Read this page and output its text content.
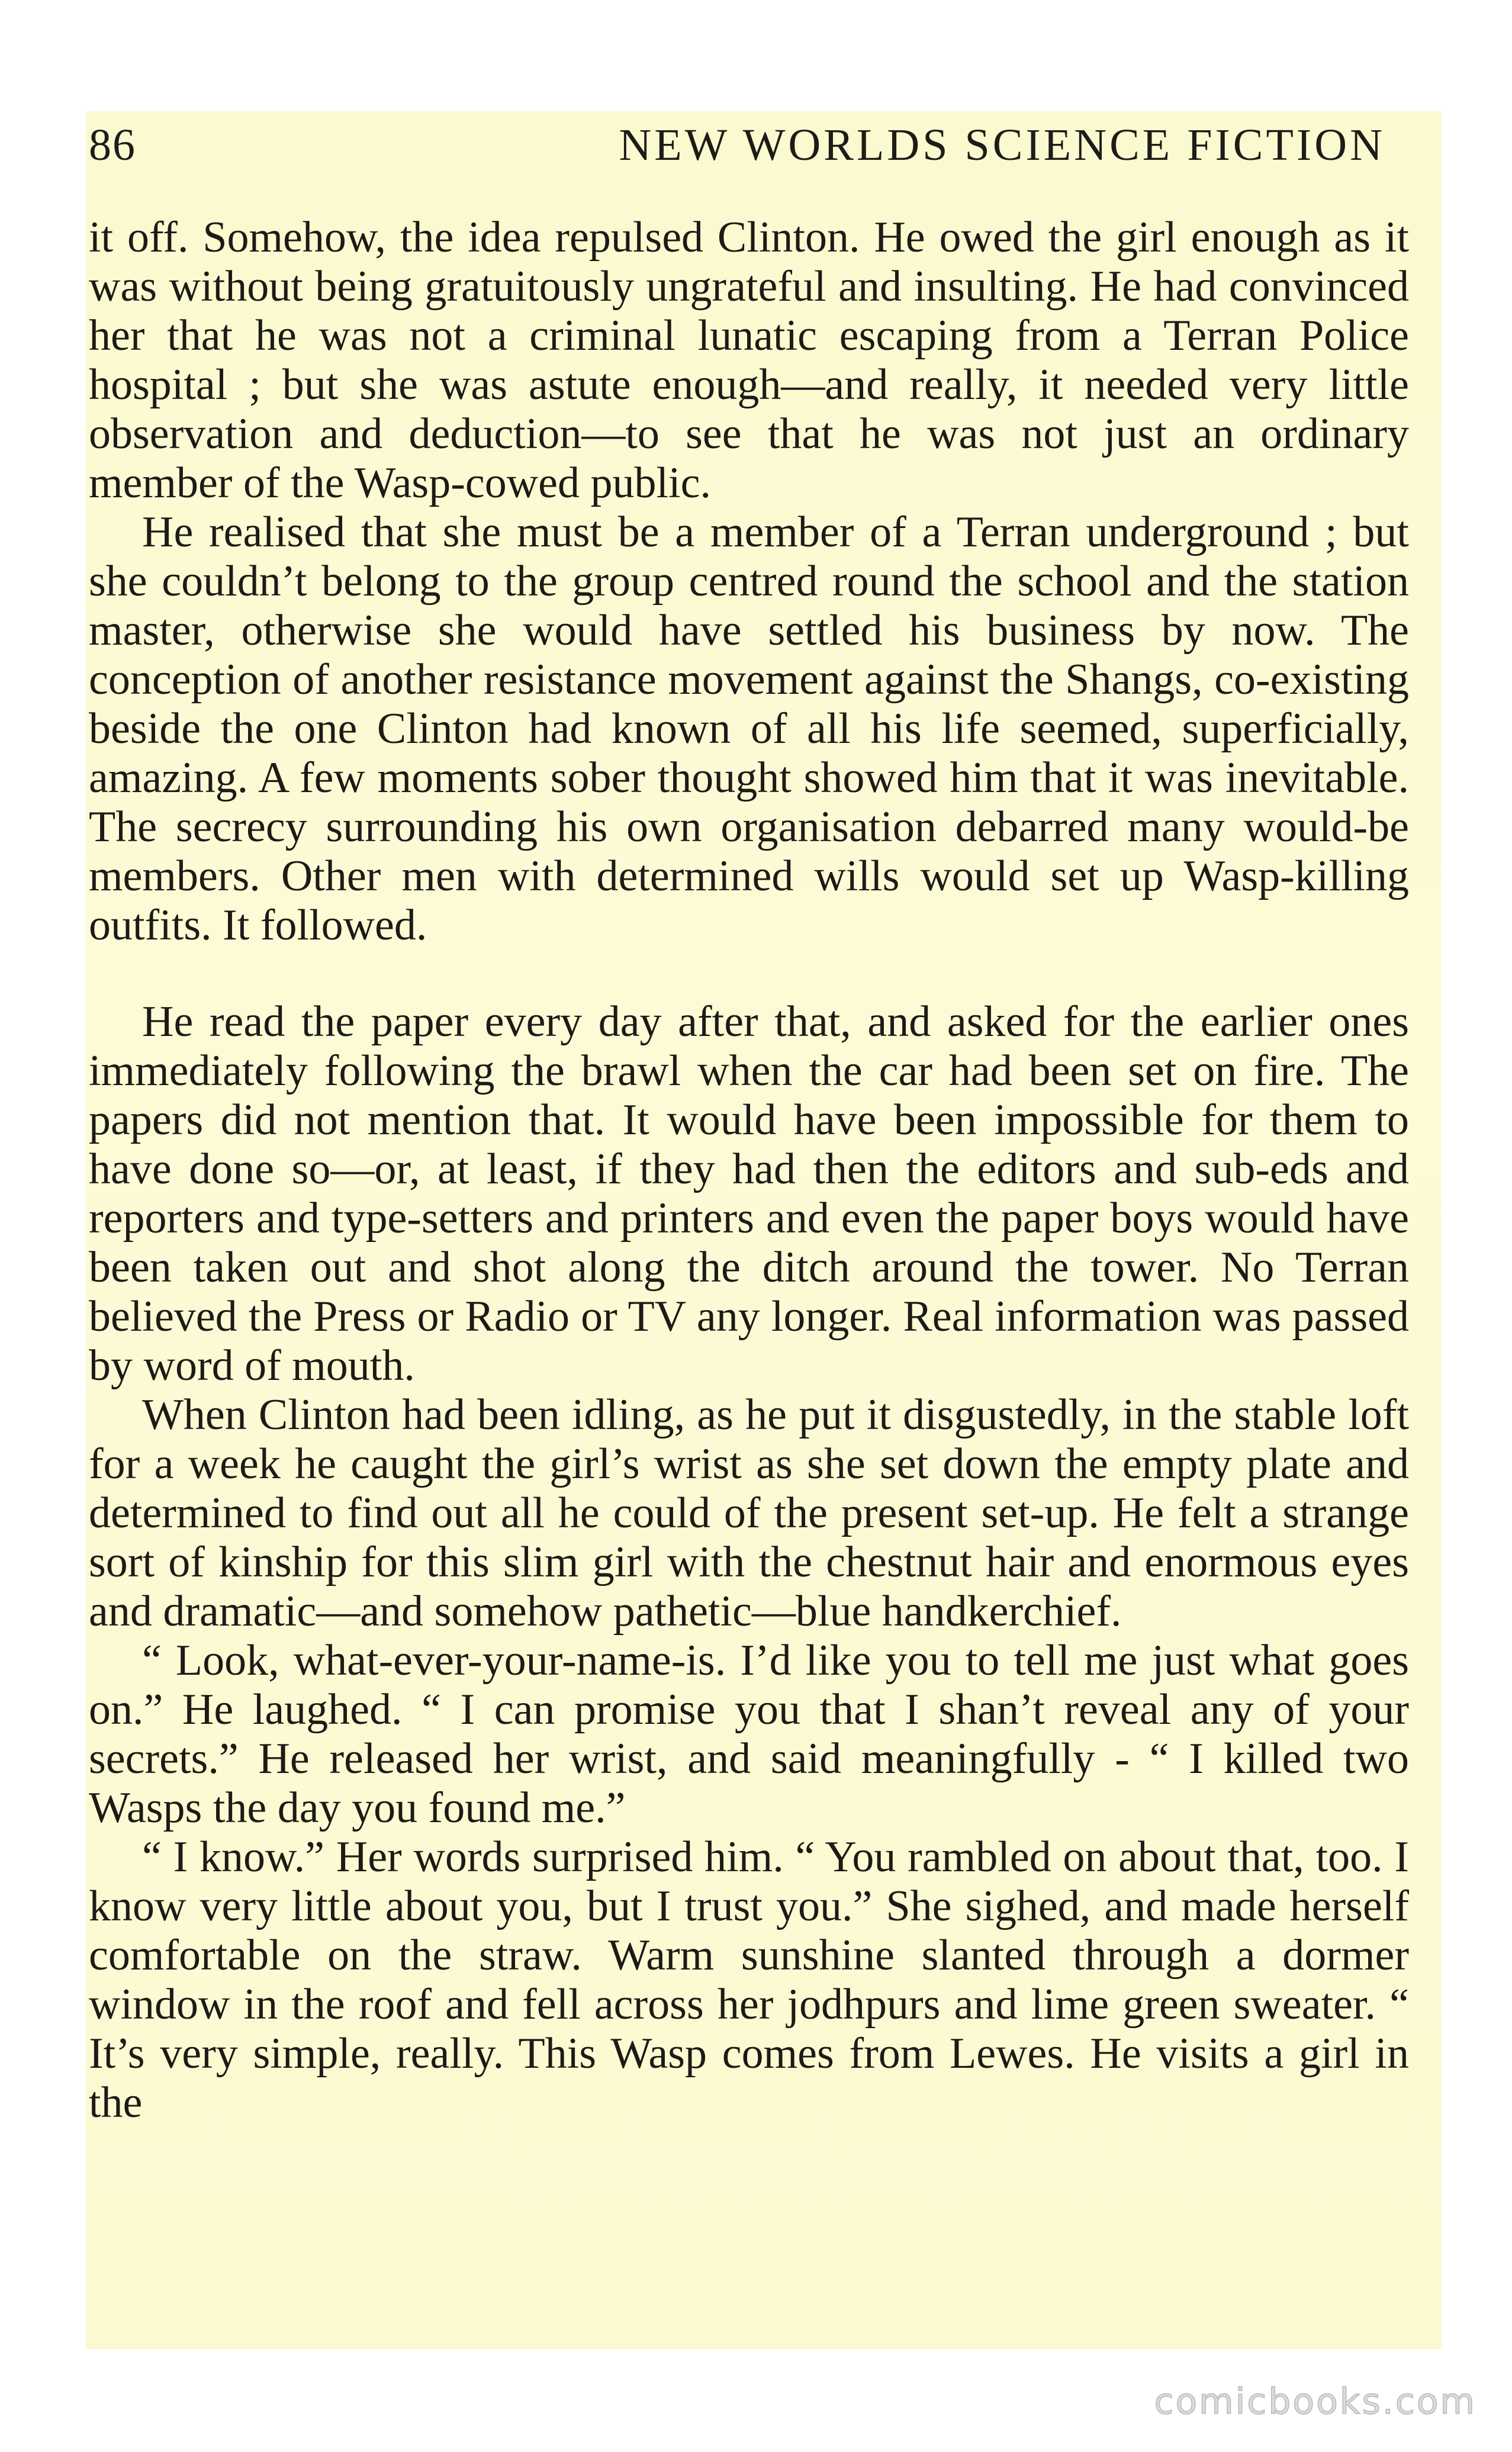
86	NEW WORLDS SCIENCE FICTION

it off. Somehow, the idea repulsed Clinton. He owed the girl enough as it was without being gratuitously ungrateful and insulting. He had convinced her that he was not a criminal lunatic escaping from a Terran Police hospital ; but she was astute enough—and really, it needed very little observation and deduction—to see that he was not just an ordinary member of the Wasp-cowed public.

He realised that she must be a member of a Terran underground ; but she couldn’t belong to the group centred round the school and the station master, otherwise she would have settled his business by now. The conception of another resistance movement against the Shangs, co-existing beside the one Clinton had known of all his life seemed, superficially, amazing. A few moments sober thought showed him that it was inevitable. The secrecy surrounding his own organisation debarred many would-be members. Other men with determined wills would set up Wasp-killing outfits. It followed.

He read the paper every day after that, and asked for the earlier ones immediately following the brawl when the car had been set on fire. The papers did not mention that. It would have been impossible for them to have done so—or, at least, if they had then the editors and sub-eds and reporters and type-setters and printers and even the paper boys would have been taken out and shot along the ditch around the tower. No Terran believed the Press or Radio or TV any longer. Real information was passed by word of mouth.

When Clinton had been idling, as he put it disgustedly, in the stable loft for a week he caught the girl’s wrist as she set down the empty plate and determined to find out all he could of the present set-up. He felt a strange sort of kinship for this slim girl with the chestnut hair and enormous eyes and dramatic—and somehow pathetic—blue handkerchief.

“ Look, what-ever-your-name-is. I’d like you to tell me just what goes on.” He laughed. “ I can promise you that I shan’t reveal any of your secrets.” He released her wrist, and said meaningfully - “ I killed two Wasps the day you found me.”

“ I know.” Her words surprised him. “ You rambled on about that, too. I know very little about you, but I trust you.” She sighed, and made herself comfortable on the straw. Warm sunshine slanted through a dormer window in the roof and fell across her jodhpurs and lime green sweater. “ It’s very simple, really. This Wasp comes from Lewes. He visits a girl in the

comicbooks.com
